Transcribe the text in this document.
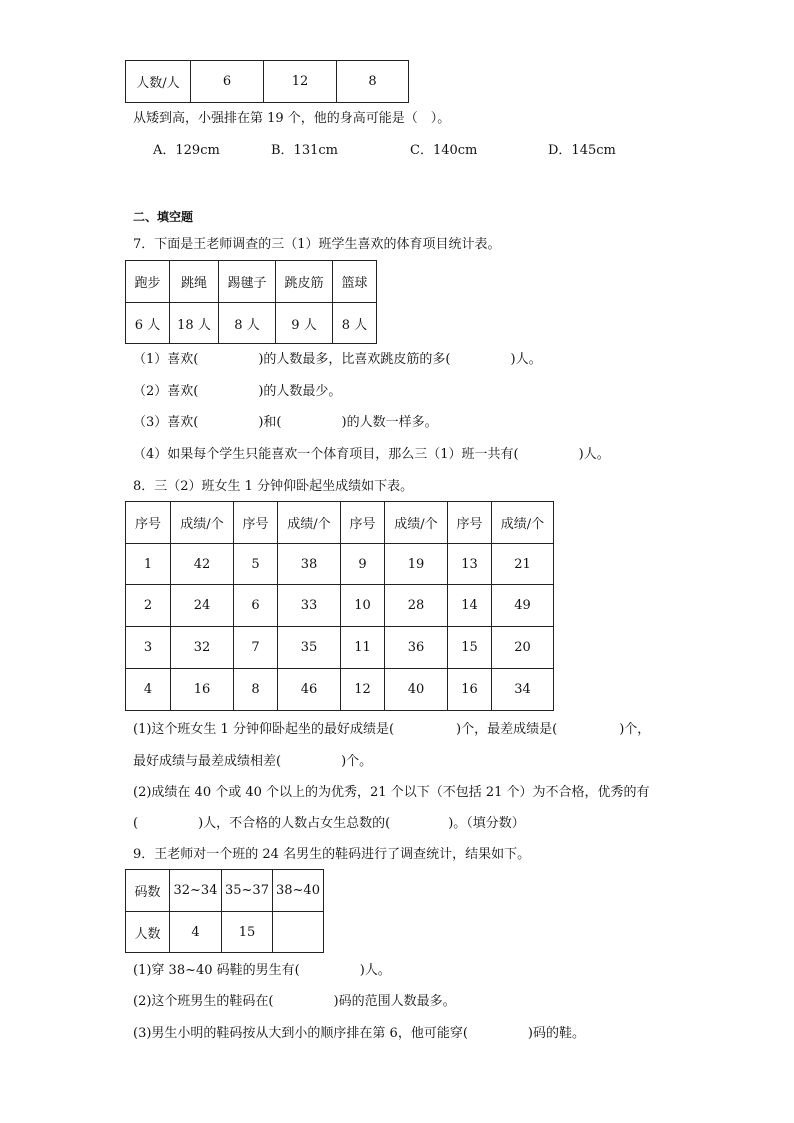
人数/人	6	12	8
从矮到高，小强排在第 19 个，他的身高可能是（　）。
A．129cm	B．131cm	C．140cm	D．145cm
二、填空题
7．下面是王老师调查的三（1）班学生喜欢的体育项目统计表。
跑步	跳绳	踢毽子	跳皮筋	篮球
6 人	18 人	8 人	9 人	8 人
（1）喜欢(	)的人数最多，比喜欢跳皮筋的多(	)人。
（2）喜欢(	)的人数最少。
（3）喜欢(	)和(	)的人数一样多。
（4）如果每个学生只能喜欢一个体育项目，那么三（1）班一共有(	)人。
8．三（2）班女生 1 分钟仰卧起坐成绩如下表。
序号	成绩/个	序号	成绩/个	序号	成绩/个	序号	成绩/个
1	42	5	38	9	19	13	21
2	24	6	33	10	28	14	49
3	32	7	35	11	36	15	20
4	16	8	46	12	40	16	34
(1)这个班女生 1 分钟仰卧起坐的最好成绩是(	)个，最差成绩是(	)个，
最好成绩与最差成绩相差(	)个。
(2)成绩在 40 个或 40 个以上的为优秀，21 个以下（不包括 21 个）为不合格，优秀的有
(	)人，不合格的人数占女生总数的(	)。（填分数）
9．王老师对一个班的 24 名男生的鞋码进行了调查统计，结果如下。
码数	32~34	35~37	38~40
人数	4	15	
(1)穿 38~40 码鞋的男生有(	)人。
(2)这个班男生的鞋码在(	)码的范围人数最多。
(3)男生小明的鞋码按从大到小的顺序排在第 6，他可能穿(	)码的鞋。
